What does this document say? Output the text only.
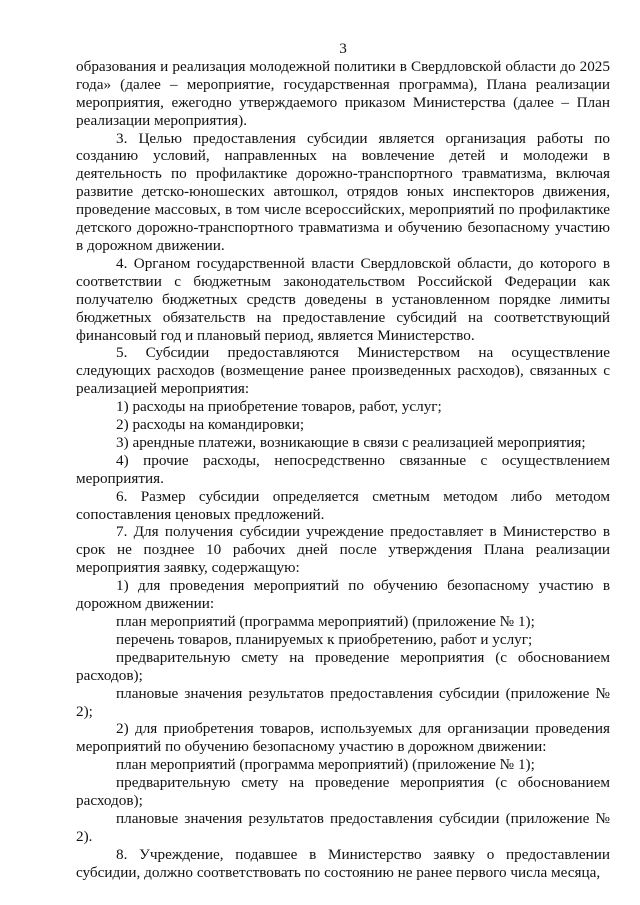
3

образования и реализация молодежной политики в Свердловской области до 2025 года» (далее – мероприятие, государственная программа), Плана реализации мероприятия, ежегодно утверждаемого приказом Министерства (далее – План реализации мероприятия).

3. Целью предоставления субсидии является организация работы по созданию условий, направленных на вовлечение детей и молодежи в деятельность по профилактике дорожно-транспортного травматизма, включая развитие детско-юношеских автошкол, отрядов юных инспекторов движения, проведение массовых, в том числе всероссийских, мероприятий по профилактике детского дорожно-транспортного травматизма и обучению безопасному участию в дорожном движении.

4. Органом государственной власти Свердловской области, до которого в соответствии с бюджетным законодательством Российской Федерации как получателю бюджетных средств доведены в установленном порядке лимиты бюджетных обязательств на предоставление субсидий на соответствующий финансовый год и плановый период, является Министерство.

5. Субсидии предоставляются Министерством на осуществление следующих расходов (возмещение ранее произведенных расходов), связанных с реализацией мероприятия:

1) расходы на приобретение товаров, работ, услуг;

2) расходы на командировки;

3) арендные платежи, возникающие в связи с реализацией мероприятия;

4) прочие расходы, непосредственно связанные с осуществлением мероприятия.

6. Размер субсидии определяется сметным методом либо методом сопоставления ценовых предложений.

7. Для получения субсидии учреждение предоставляет в Министерство в срок не позднее 10 рабочих дней после утверждения Плана реализации мероприятия заявку, содержащую:

1) для проведения мероприятий по обучению безопасному участию в дорожном движении:

план мероприятий (программа мероприятий) (приложение № 1);

перечень товаров, планируемых к приобретению, работ и услуг;

предварительную смету на проведение мероприятия (с обоснованием расходов);

плановые значения результатов предоставления субсидии (приложение № 2);

2) для приобретения товаров, используемых для организации проведения мероприятий по обучению безопасному участию в дорожном движении:

план мероприятий (программа мероприятий) (приложение № 1);

предварительную смету на проведение мероприятия (с обоснованием расходов);

плановые значения результатов предоставления субсидии (приложение № 2).

8. Учреждение, подавшее в Министерство заявку о предоставлении субсидии, должно соответствовать по состоянию не ранее первого числа месяца,
